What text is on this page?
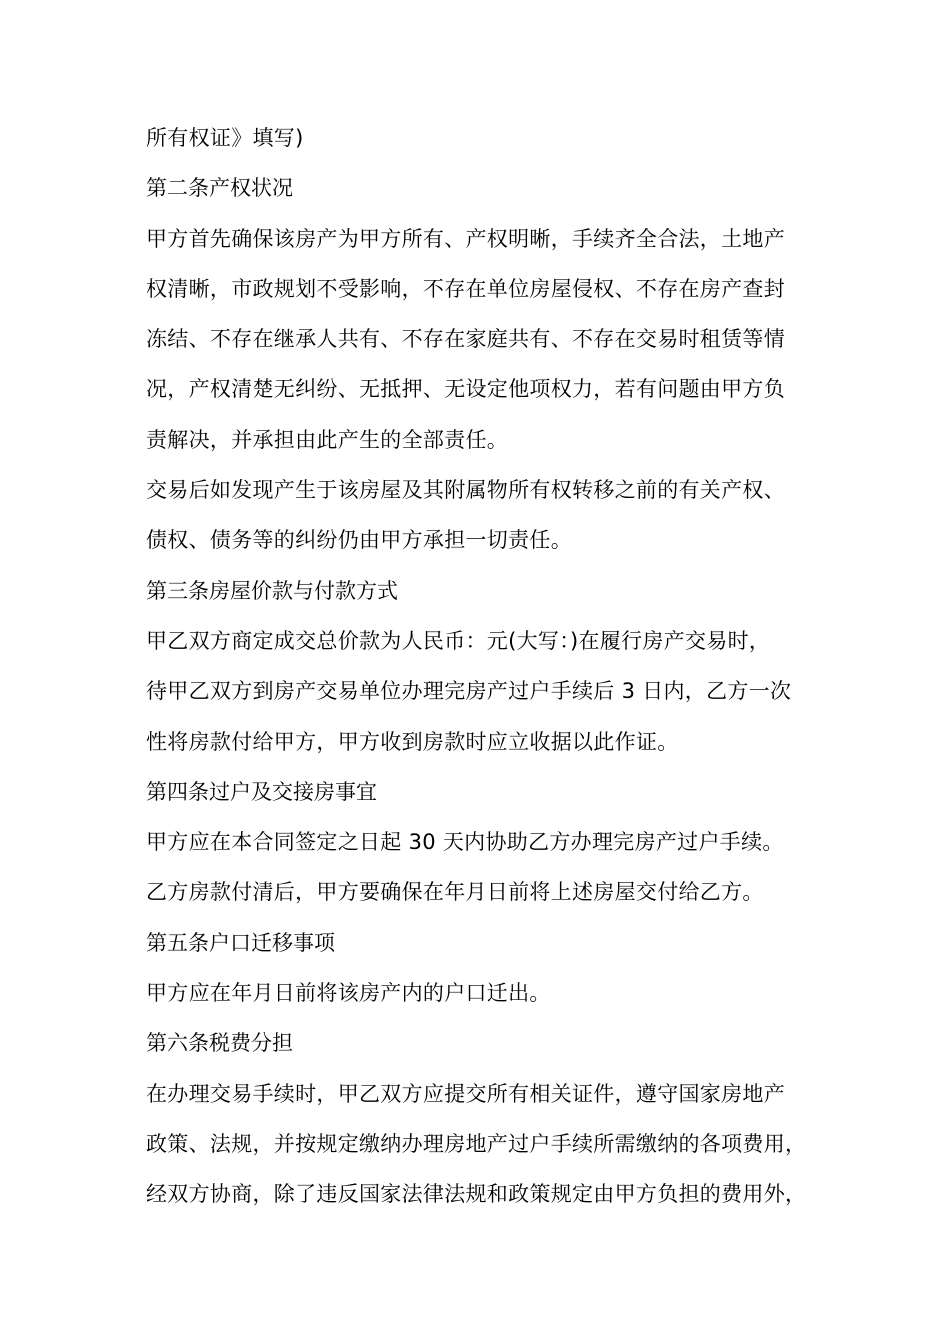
所有权证》填写)
第二条产权状况
甲方首先确保该房产为甲方所有、产权明晰，手续齐全合法，土地产
权清晰，市政规划不受影响，不存在单位房屋侵权、不存在房产查封
冻结、不存在继承人共有、不存在家庭共有、不存在交易时租赁等情
况，产权清楚无纠纷、无抵押、无设定他项权力，若有问题由甲方负
责解决，并承担由此产生的全部责任。
交易后如发现产生于该房屋及其附属物所有权转移之前的有关产权、
债权、债务等的纠纷仍由甲方承担一切责任。
第三条房屋价款与付款方式
甲乙双方商定成交总价款为人民币：元(大写：)在履行房产交易时，
待甲乙双方到房产交易单位办理完房产过户手续后 3 日内，乙方一次
性将房款付给甲方，甲方收到房款时应立收据以此作证。
第四条过户及交接房事宜
甲方应在本合同签定之日起 30 天内协助乙方办理完房产过户手续。
乙方房款付清后，甲方要确保在年月日前将上述房屋交付给乙方。
第五条户口迁移事项
甲方应在年月日前将该房产内的户口迁出。
第六条税费分担
在办理交易手续时，甲乙双方应提交所有相关证件，遵守国家房地产
政策、法规，并按规定缴纳办理房地产过户手续所需缴纳的各项费用，
经双方协商，除了违反国家法律法规和政策规定由甲方负担的费用外，
